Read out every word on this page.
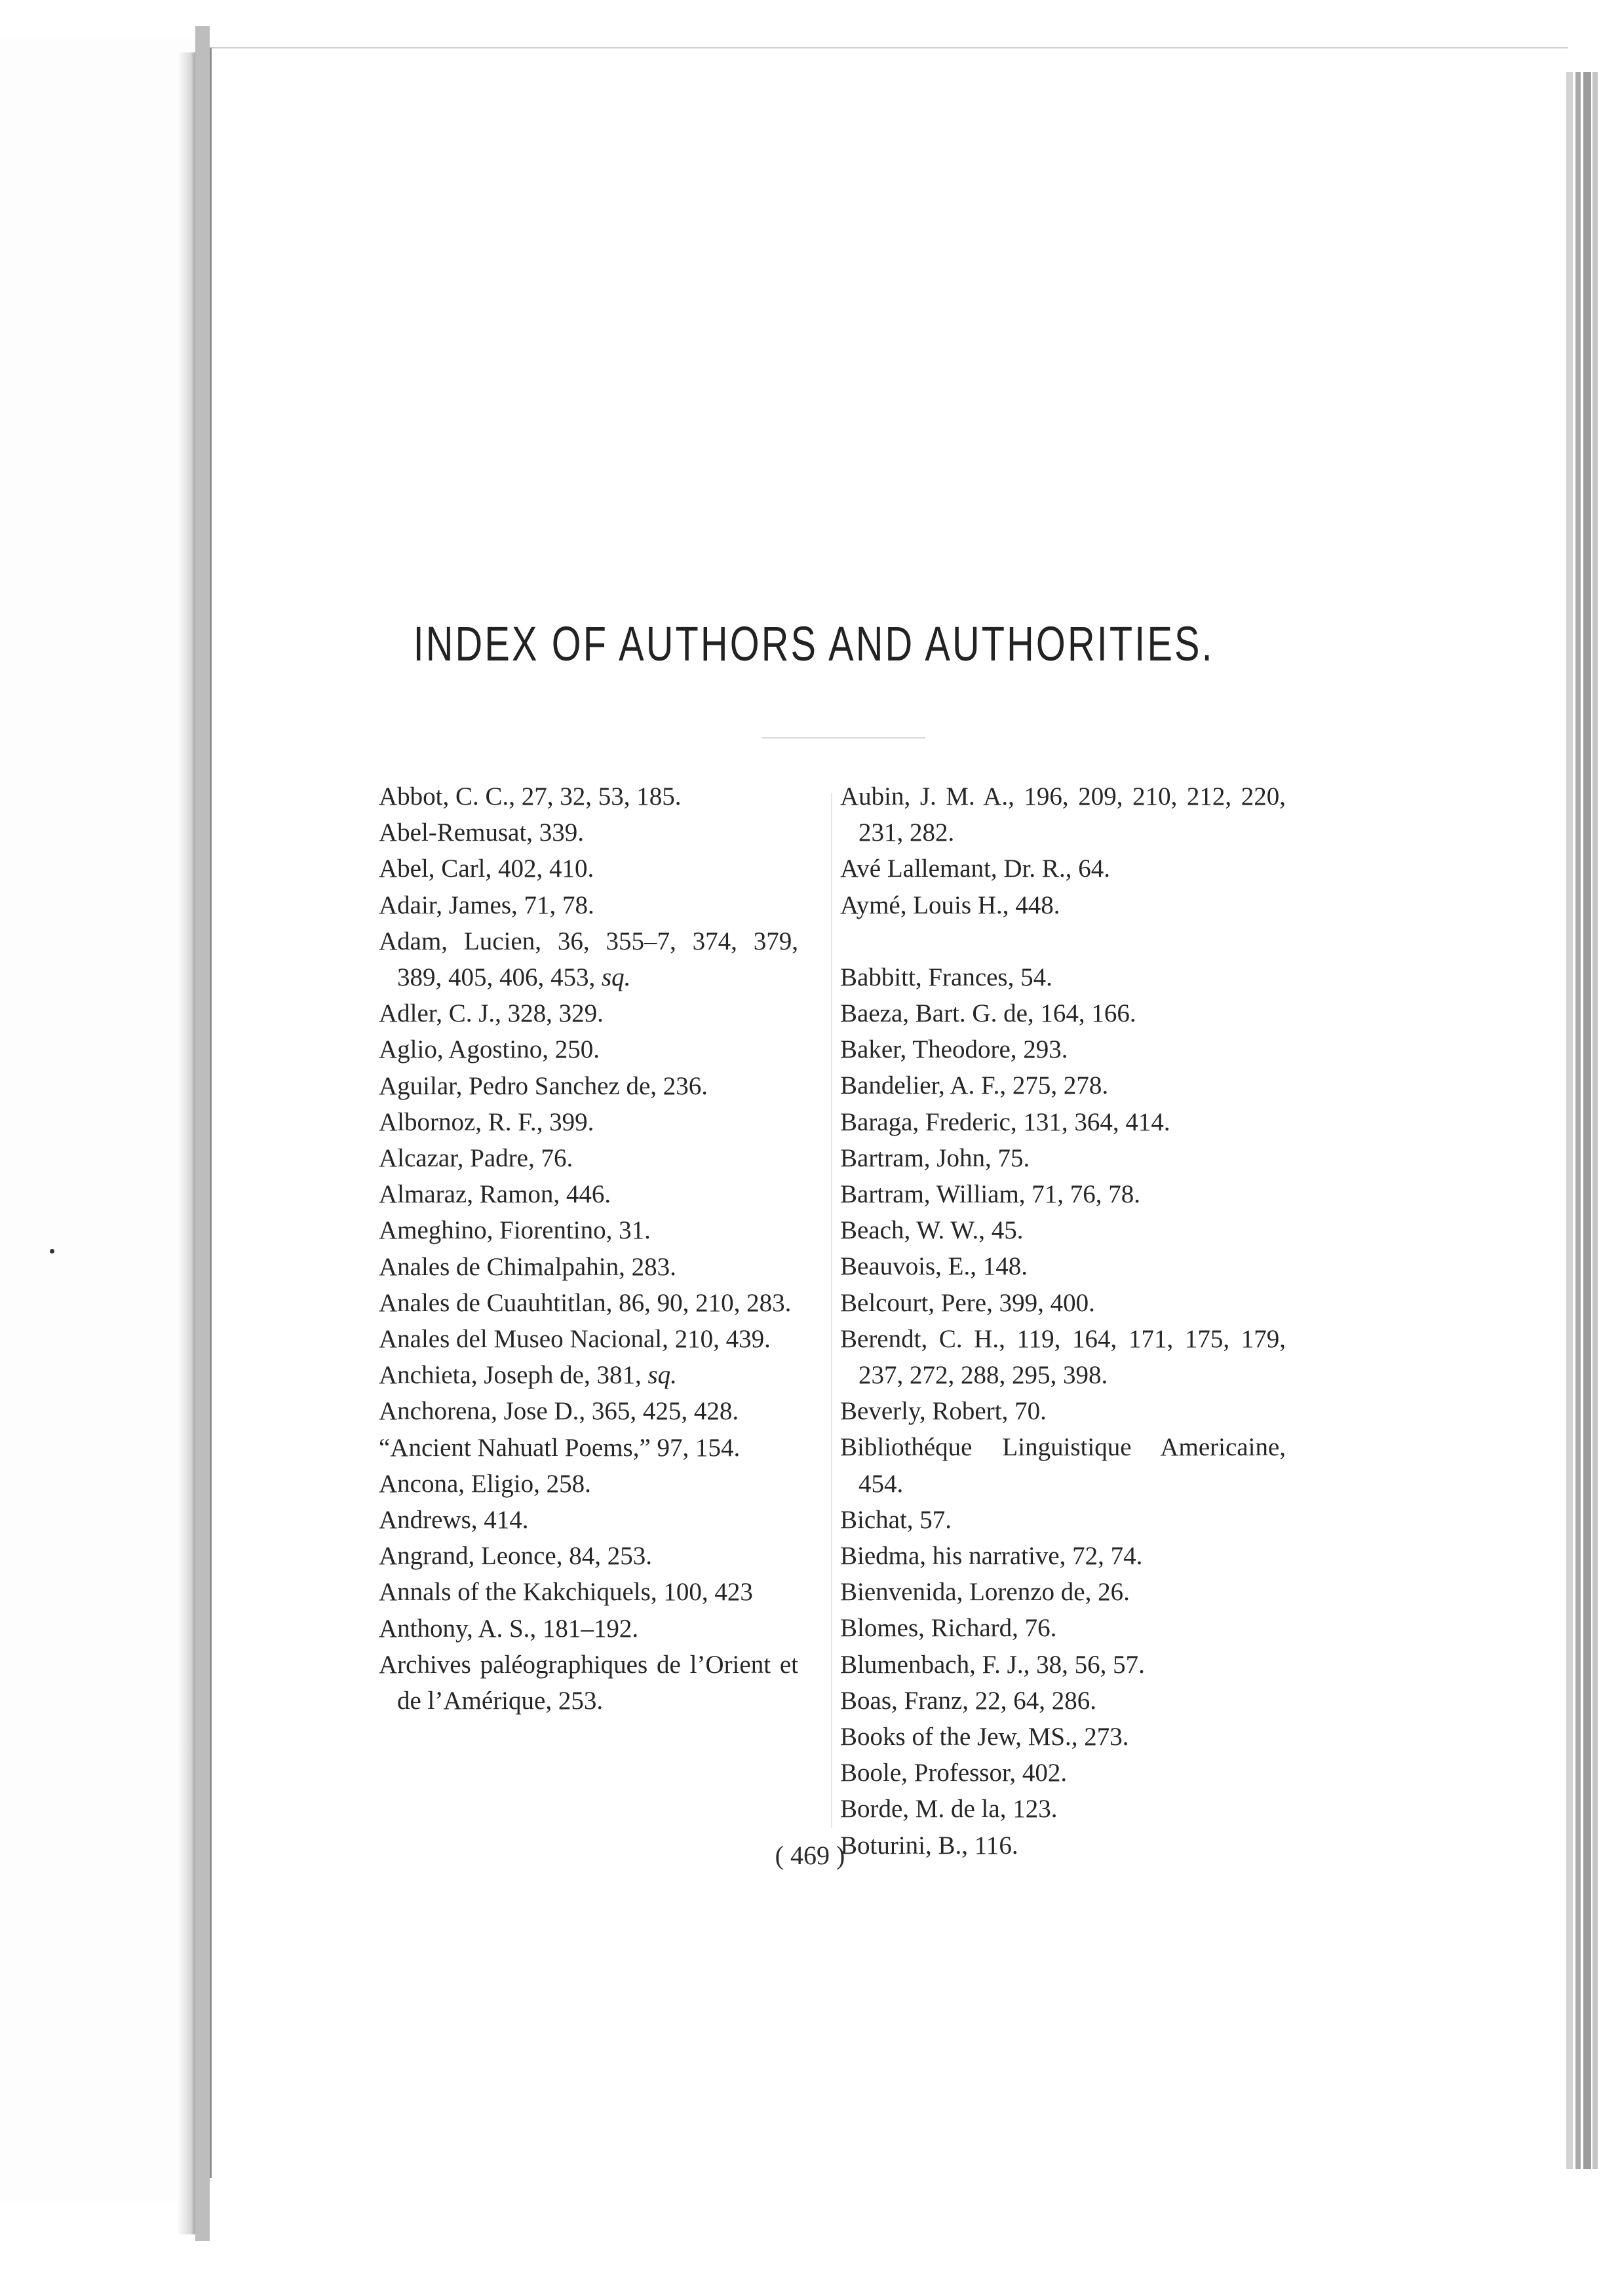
INDEX OF AUTHORS AND AUTHORITIES.
Abbot, C. C., 27, 32, 53, 185.
Abel-Remusat, 339.
Abel, Carl, 402, 410.
Adair, James, 71, 78.
Adam, Lucien, 36, 355–7, 374, 379, 389, 405, 406, 453, sq.
Adler, C. J., 328, 329.
Aglio, Agostino, 250.
Aguilar, Pedro Sanchez de, 236.
Albornoz, R. F., 399.
Alcazar, Padre, 76.
Almaraz, Ramon, 446.
Ameghino, Fiorentino, 31.
Anales de Chimalpahin, 283.
Anales de Cuauhtitlan, 86, 90, 210, 283.
Anales del Museo Nacional, 210, 439.
Anchieta, Joseph de, 381, sq.
Anchorena, Jose D., 365, 425, 428.
“Ancient Nahuatl Poems,” 97, 154.
Ancona, Eligio, 258.
Andrews, 414.
Angrand, Leonce, 84, 253.
Annals of the Kakchiquels, 100, 423
Anthony, A. S., 181–192.
Archives paléographiques de l’Orient et de l’Amérique, 253.
Aubin, J. M. A., 196, 209, 210, 212, 220, 231, 282.
Avé Lallemant, Dr. R., 64.
Aymé, Louis H., 448.
Babbitt, Frances, 54.
Baeza, Bart. G. de, 164, 166.
Baker, Theodore, 293.
Bandelier, A. F., 275, 278.
Baraga, Frederic, 131, 364, 414.
Bartram, John, 75.
Bartram, William, 71, 76, 78.
Beach, W. W., 45.
Beauvois, E., 148.
Belcourt, Pere, 399, 400.
Berendt, C. H., 119, 164, 171, 175, 179, 237, 272, 288, 295, 398.
Beverly, Robert, 70.
Bibliothéque Linguistique Americaine, 454.
Bichat, 57.
Biedma, his narrative, 72, 74.
Bienvenida, Lorenzo de, 26.
Blomes, Richard, 76.
Blumenbach, F. J., 38, 56, 57.
Boas, Franz, 22, 64, 286.
Books of the Jew, MS., 273.
Boole, Professor, 402.
Borde, M. de la, 123.
Boturini, B., 116.
( 469 )
